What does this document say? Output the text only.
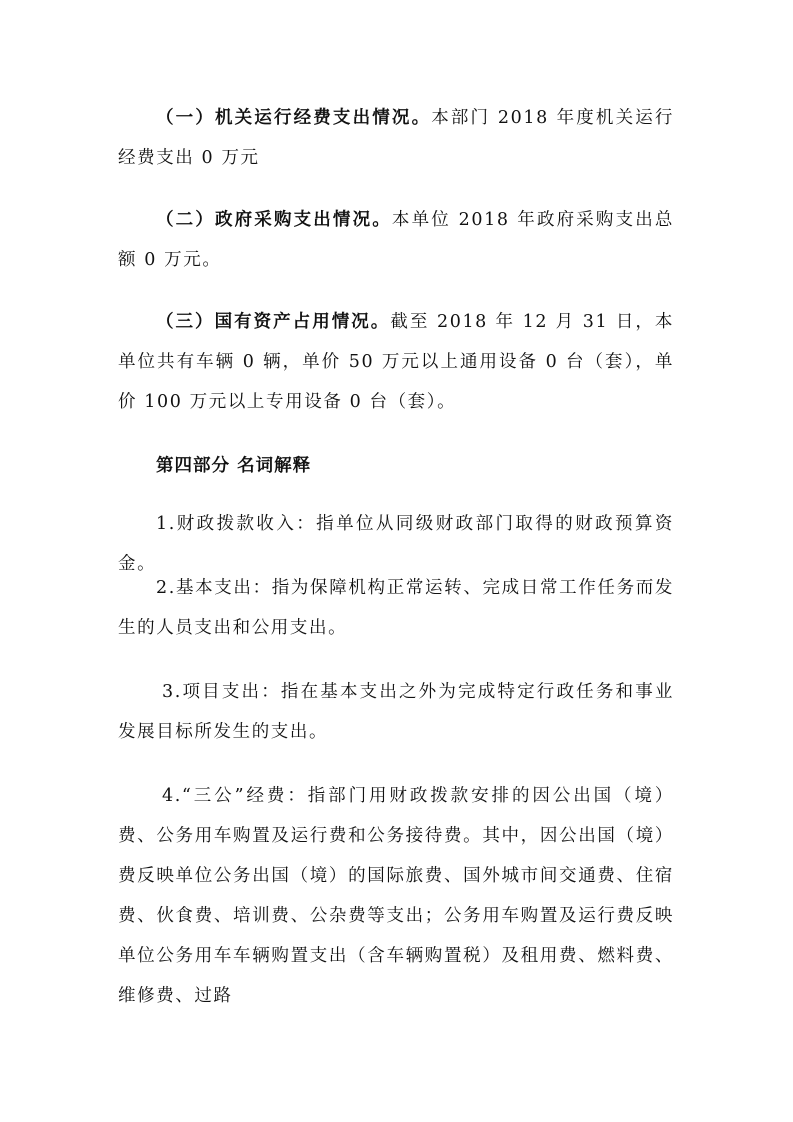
（一）机关运行经费支出情况。本部门 2018 年度机关运行经费支出 0 万元

（二）政府采购支出情况。本单位 2018 年政府采购支出总额 0 万元。

（三）国有资产占用情况。截至 2018 年 12 月 31 日，本单位共有车辆 0 辆，单价 50 万元以上通用设备 0 台（套），单价 100 万元以上专用设备 0 台（套）。

第四部分 名词解释

1.财政拨款收入：指单位从同级财政部门取得的财政预算资金。

2.基本支出：指为保障机构正常运转、完成日常工作任务而发生的人员支出和公用支出。

3.项目支出：指在基本支出之外为完成特定行政任务和事业发展目标所发生的支出。

4.“三公”经费：指部门用财政拨款安排的因公出国（境）费、公务用车购置及运行费和公务接待费。其中，因公出国（境）费反映单位公务出国（境）的国际旅费、国外城市间交通费、住宿费、伙食费、培训费、公杂费等支出；公务用车购置及运行费反映单位公务用车车辆购置支出（含车辆购置税）及租用费、燃料费、维修费、过路
